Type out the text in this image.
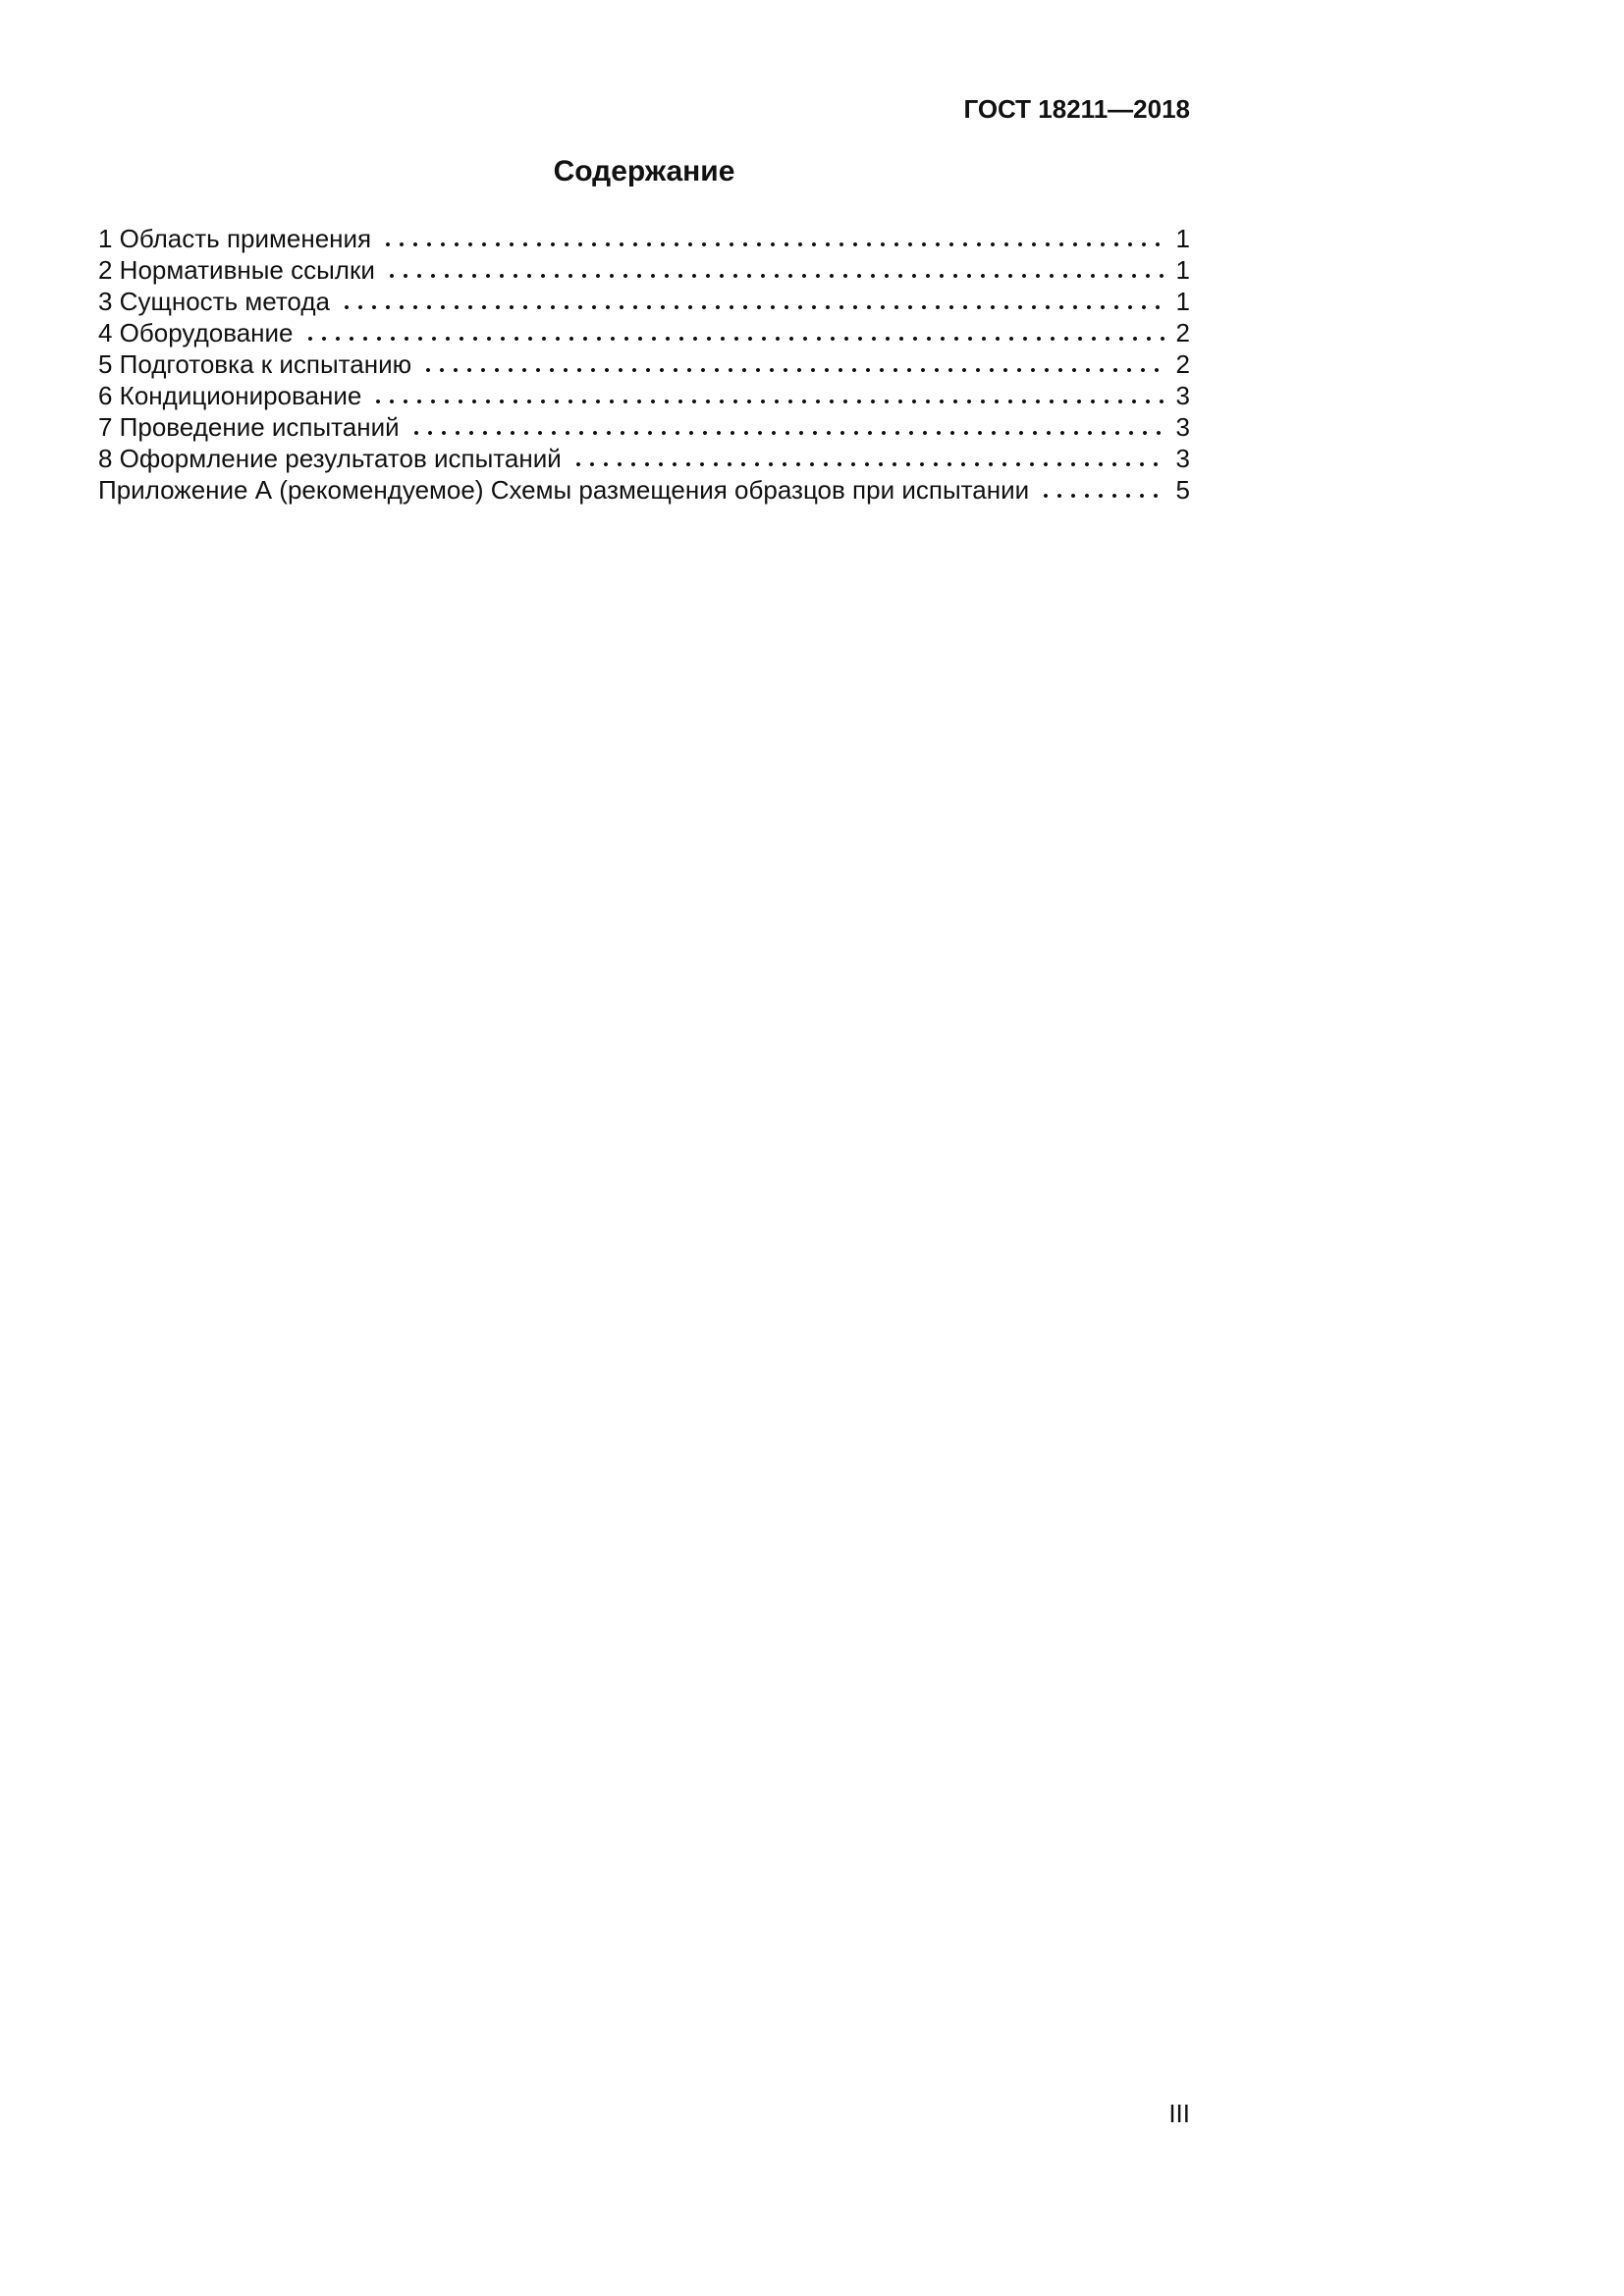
ГОСТ 18211—2018
Содержание
1 Область применения	1
2 Нормативные ссылки	1
3 Сущность метода	1
4 Оборудование	2
5 Подготовка к испытанию	2
6 Кондиционирование	3
7 Проведение испытаний	3
8 Оформление результатов испытаний	3
Приложение А (рекомендуемое) Схемы размещения образцов при испытании	5
III
